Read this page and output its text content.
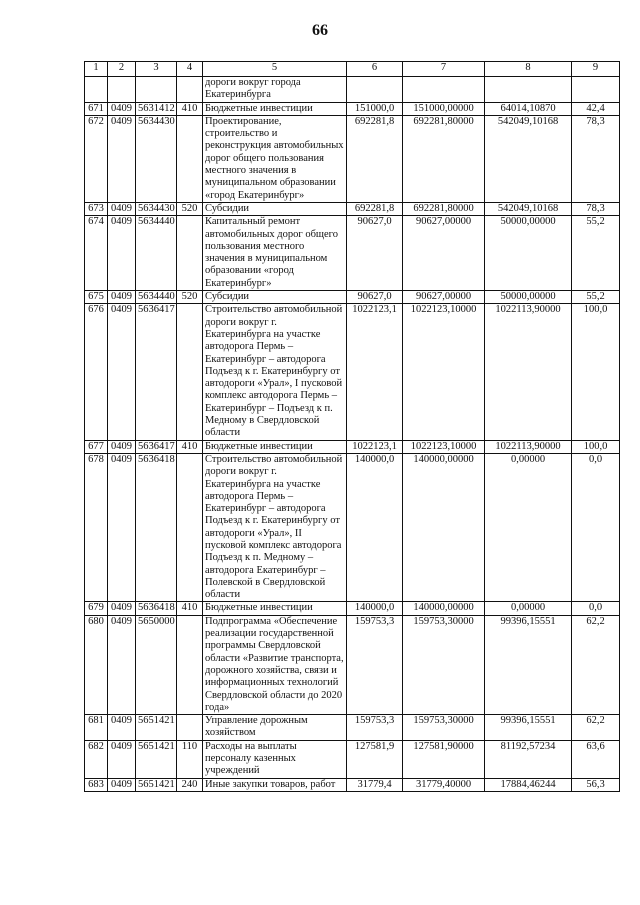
66
1	2	3	4	5	6	7	8	9
				дороги вокруг города Екатеринбурга				
671	0409	5631412	410	Бюджетные инвестиции	151000,0	151000,00000	64014,10870	42,4
672	0409	5634430		Проектирование, строительство и реконструкция автомобильных дорог общего пользования местного значения в муниципальном образовании «город Екатеринбург»	692281,8	692281,80000	542049,10168	78,3
673	0409	5634430	520	Субсидии	692281,8	692281,80000	542049,10168	78,3
674	0409	5634440		Капитальный ремонт автомобильных дорог общего пользования местного значения в муниципальном образовании «город Екатеринбург»	90627,0	90627,00000	50000,00000	55,2
675	0409	5634440	520	Субсидии	90627,0	90627,00000	50000,00000	55,2
676	0409	5636417		Строительство автомобильной дороги вокруг г. Екатеринбурга на участке автодорога Пермь – Екатеринбург – автодорога Подъезд к г. Екатеринбургу от автодороги «Урал», I пусковой комплекс автодорога Пермь – Екатеринбург – Подъезд к п. Медному в Свердловской области	1022123,1	1022123,10000	1022113,90000	100,0
677	0409	5636417	410	Бюджетные инвестиции	1022123,1	1022123,10000	1022113,90000	100,0
678	0409	5636418		Строительство автомобильной дороги вокруг г. Екатеринбурга на участке автодорога Пермь – Екатеринбург – автодорога Подъезд к г. Екатеринбургу от автодороги «Урал», II пусковой комплекс автодорога Подъезд к п. Медному – автодорога Екатеринбург – Полевской в Свердловской области	140000,0	140000,00000	0,00000	0,0
679	0409	5636418	410	Бюджетные инвестиции	140000,0	140000,00000	0,00000	0,0
680	0409	5650000		Подпрограмма «Обеспечение реализации государственной программы Свердловской области «Развитие транспорта, дорожного хозяйства, связи и информационных технологий Свердловской области до 2020 года»	159753,3	159753,30000	99396,15551	62,2
681	0409	5651421		Управление дорожным хозяйством	159753,3	159753,30000	99396,15551	62,2
682	0409	5651421	110	Расходы на выплаты персоналу казенных учреждений	127581,9	127581,90000	81192,57234	63,6
683	0409	5651421	240	Иные закупки товаров, работ	31779,4	31779,40000	17884,46244	56,3
